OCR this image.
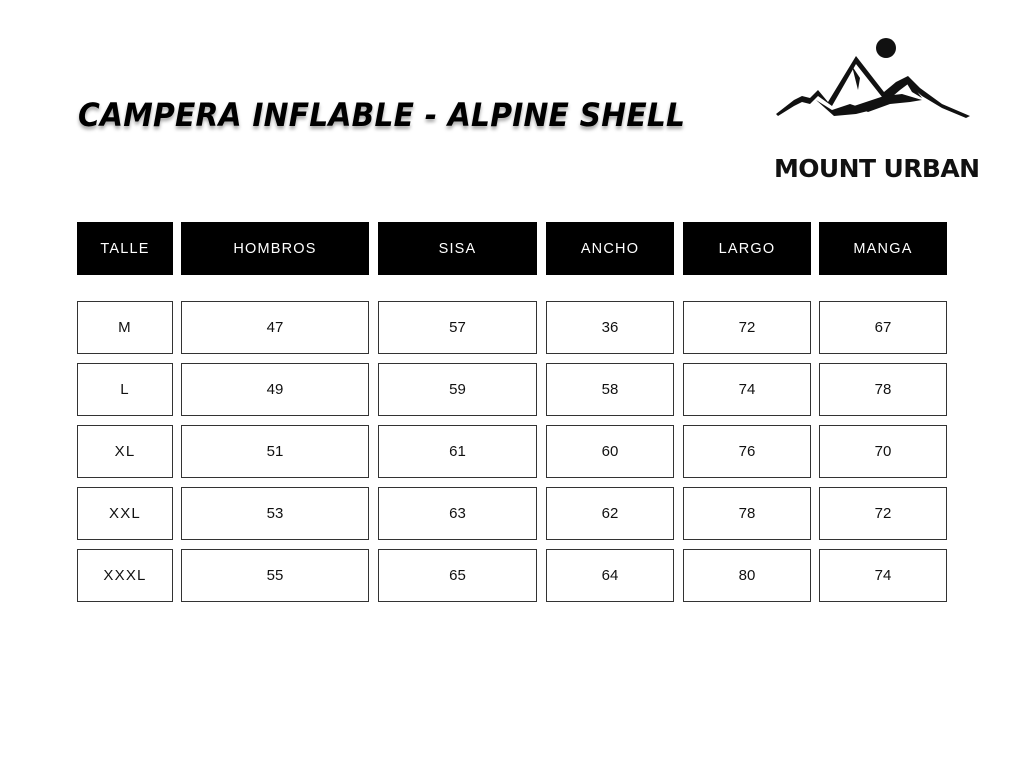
CAMPERA INFLABLE - ALPINE SHELL
MOUNT URBAN
TALLE	HOMBROS	SISA	ANCHO	LARGO	MANGA
M	47	57	36	72	67
L	49	59	58	74	78
XL	51	61	60	76	70
XXL	53	63	62	78	72
XXXL	55	65	64	80	74
